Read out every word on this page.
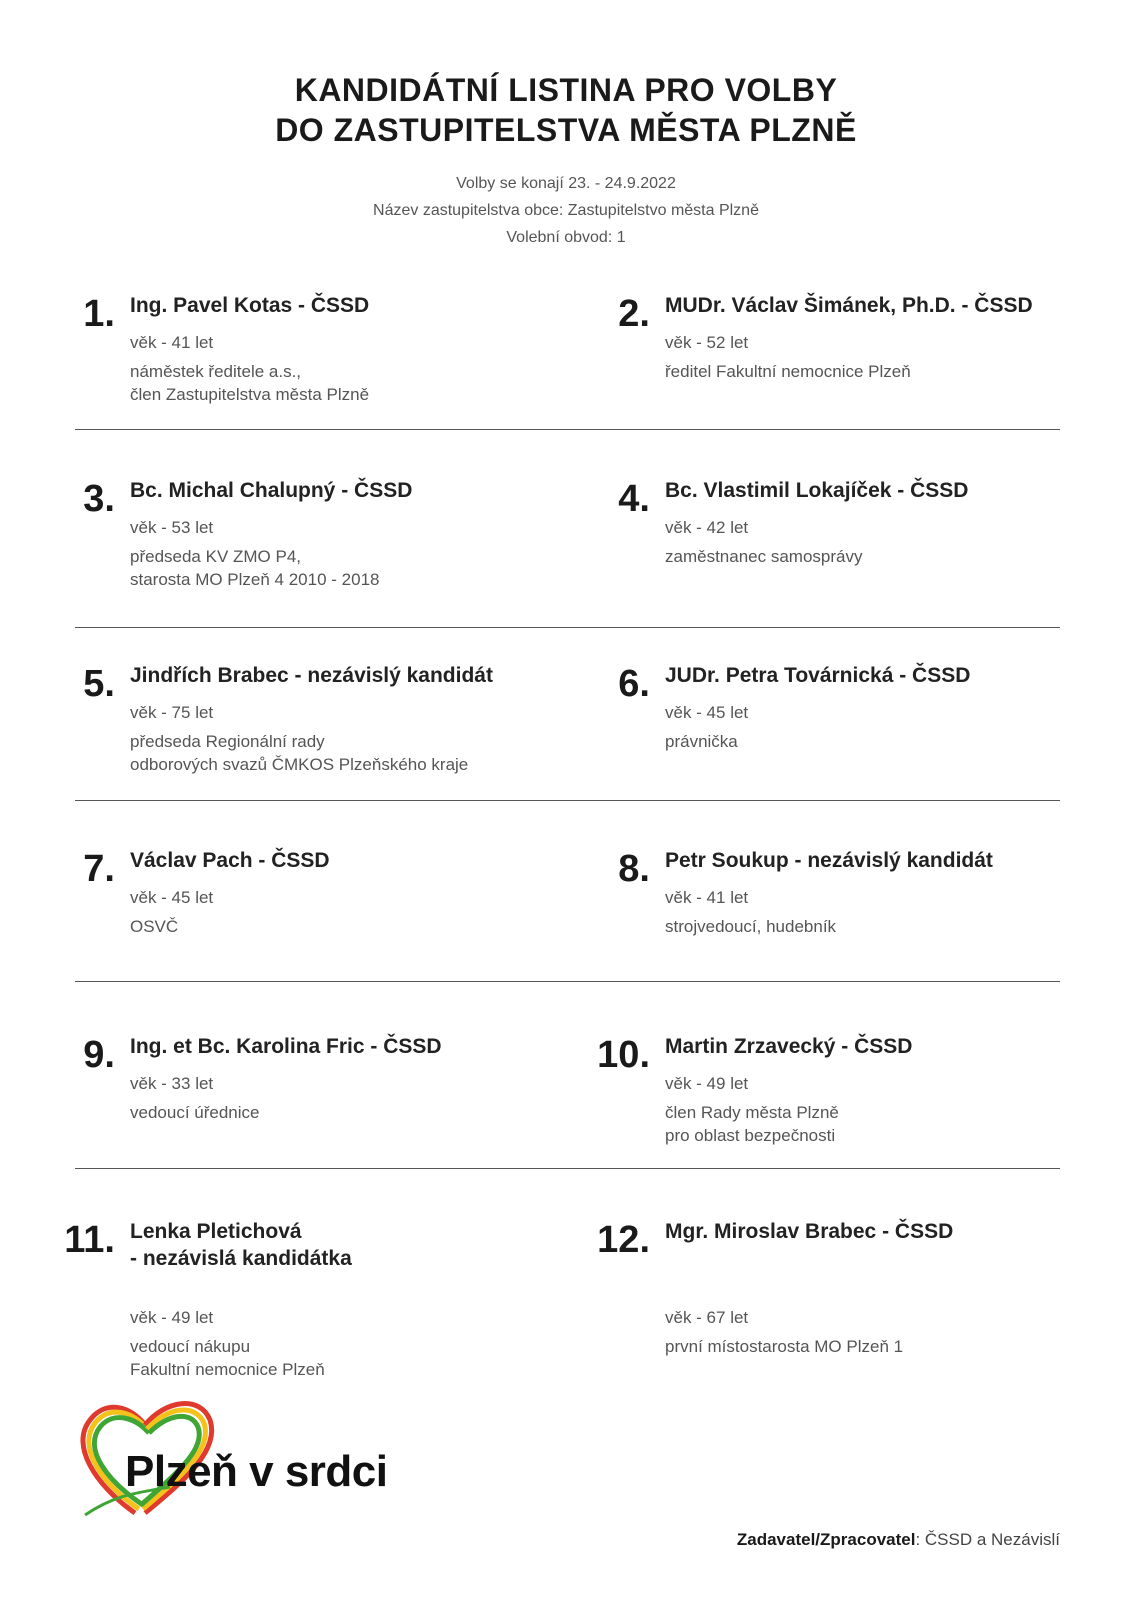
KANDIDÁTNÍ LISTINA PRO VOLBY
DO ZASTUPITELSTVA MĚSTA PLZNĚ
Volby se konají 23. - 24.9.2022
Název zastupitelstva obce: Zastupitelstvo města Plzně
Volební obvod: 1
1. Ing. Pavel Kotas - ČSSD
věk - 41 let
náměstek ředitele a.s.,
člen Zastupitelstva města Plzně
2. MUDr. Václav Šimánek, Ph.D. - ČSSD
věk - 52 let
ředitel Fakultní nemocnice Plzeň
3. Bc. Michal Chalupný - ČSSD
věk - 53 let
předseda KV ZMO P4,
starosta MO Plzeň 4 2010 - 2018
4. Bc. Vlastimil Lokajíček - ČSSD
věk - 42 let
zaměstnanec samosprávy
5. Jindřích Brabec - nezávislý kandidát
věk - 75 let
předseda Regionální rady
odborových svazů ČMKOS Plzeňského kraje
6. JUDr. Petra Továrnická - ČSSD
věk - 45 let
právnička
7. Václav Pach - ČSSD
věk - 45 let
OSVČ
8. Petr Soukup - nezávislý kandidát
věk - 41 let
strojvedoucí, hudebník
9. Ing. et Bc. Karolina Fric - ČSSD
věk - 33 let
vedoucí úřednice
10. Martin Zrzavecký - ČSSD
věk - 49 let
člen Rady města Plzně
pro oblast bezpečnosti
11. Lenka Pletichová
- nezávislá kandidátka
věk - 49 let
vedoucí nákupu
Fakultní nemocnice Plzeň
12. Mgr. Miroslav Brabec - ČSSD
věk - 67 let
první místostarosta MO Plzeň 1
Plzeň v srdci
Zadavatel/Zpracovatel: ČSSD a Nezávislí
